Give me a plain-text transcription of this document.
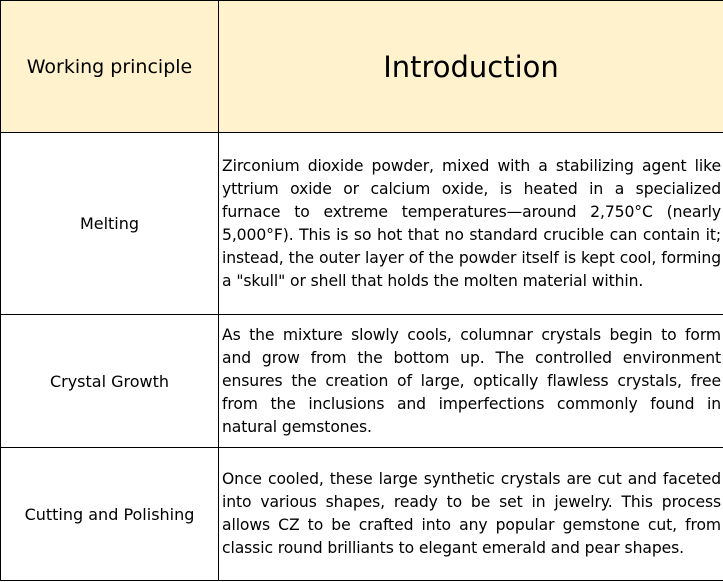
Working principle	Introduction
Melting	Zirconium dioxide powder, mixed with a stabilizing agent like yttrium oxide or calcium oxide, is heated in a specialized furnace to extreme temperatures—around 2,750°C (nearly 5,000°F). This is so hot that no standard crucible can contain it; instead, the outer layer of the powder itself is kept cool, forming a "skull" or shell that holds the molten material within.
Crystal Growth	As the mixture slowly cools, columnar crystals begin to form and grow from the bottom up. The controlled environment ensures the creation of large, optically flawless crystals, free from the inclusions and imperfections commonly found in natural gemstones.
Cutting and Polishing	Once cooled, these large synthetic crystals are cut and faceted into various shapes, ready to be set in jewelry. This process allows CZ to be crafted into any popular gemstone cut, from classic round brilliants to elegant emerald and pear shapes.
